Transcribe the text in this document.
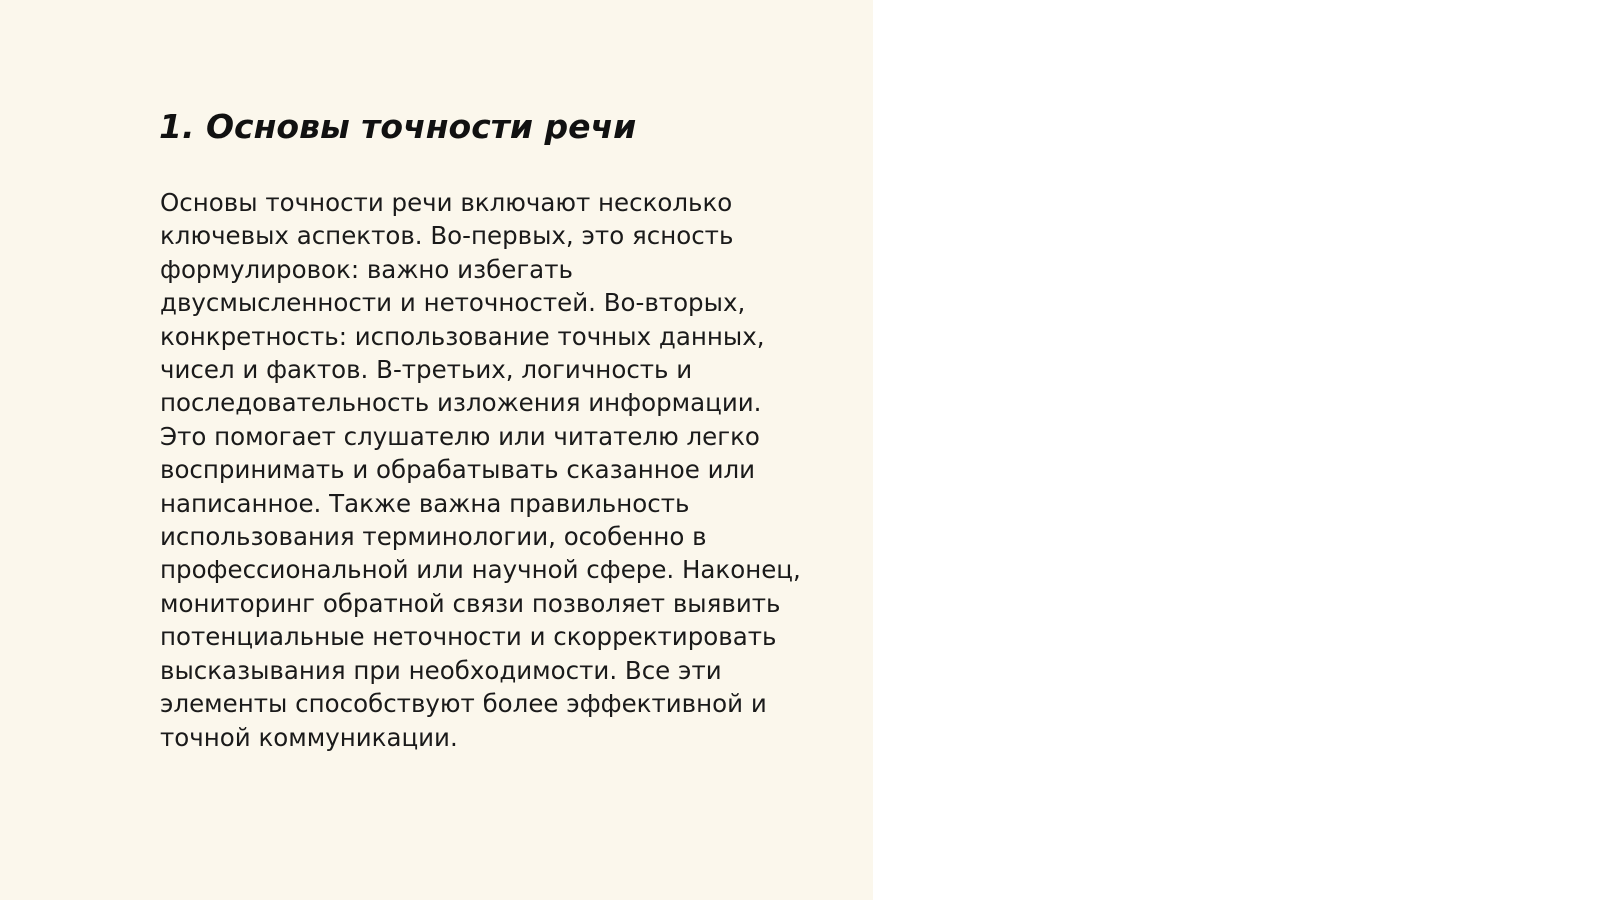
1. Основы точности речи

Основы точности речи включают несколько
ключевых аспектов. Во-первых, это ясность
формулировок: важно избегать
двусмысленности и неточностей. Во-вторых,
конкретность: использование точных данных,
чисел и фактов. В-третьих, логичность и
последовательность изложения информации.
Это помогает слушателю или читателю легко
воспринимать и обрабатывать сказанное или
написанное. Также важна правильность
использования терминологии, особенно в
профессиональной или научной сфере. Наконец,
мониторинг обратной связи позволяет выявить
потенциальные неточности и скорректировать
высказывания при необходимости. Все эти
элементы способствуют более эффективной и
точной коммуникации.
